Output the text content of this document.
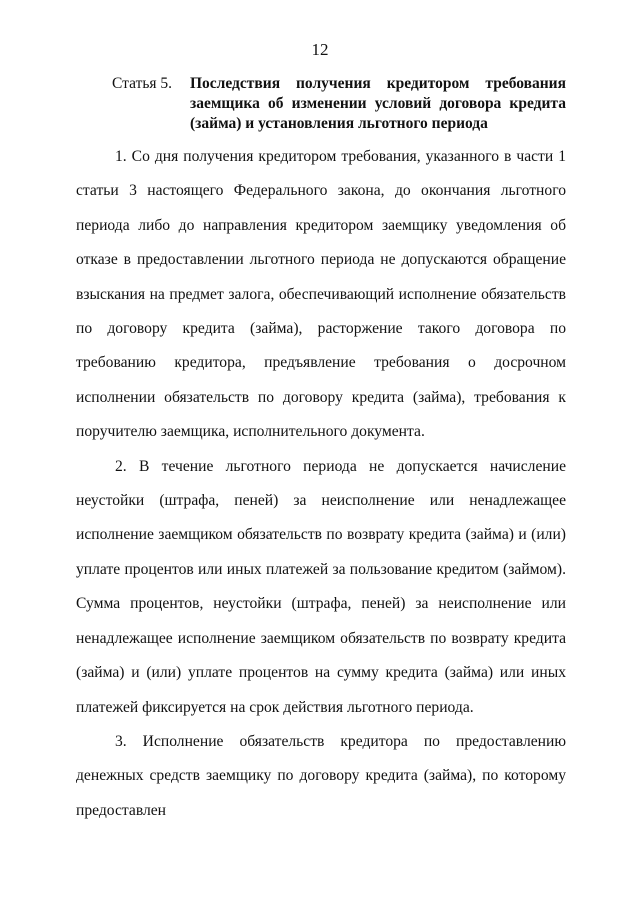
12
Статья 5.	Последствия получения кредитором требования заемщика об изменении условий договора кредита (займа) и установления льготного периода

1. Со дня получения кредитором требования, указанного в части 1 статьи 3 настоящего Федерального закона, до окончания льготного периода либо до направления кредитором заемщику уведомления об отказе в предоставлении льготного периода не допускаются обращение взыскания на предмет залога, обеспечивающий исполнение обязательств по договору кредита (займа), расторжение такого договора по требованию кредитора, предъявление требования о досрочном исполнении обязательств по договору кредита (займа), требования к поручителю заемщика, исполнительного документа.

2. В течение льготного периода не допускается начисление неустойки (штрафа, пеней) за неисполнение или ненадлежащее исполнение заемщиком обязательств по возврату кредита (займа) и (или) уплате процентов или иных платежей за пользование кредитом (займом). Сумма процентов, неустойки (штрафа, пеней) за неисполнение или ненадлежащее исполнение заемщиком обязательств по возврату кредита (займа) и (или) уплате процентов на сумму кредита (займа) или иных платежей фиксируется на срок действия льготного периода.

3. Исполнение обязательств кредитора по предоставлению денежных средств заемщику по договору кредита (займа), по которому предоставлен
